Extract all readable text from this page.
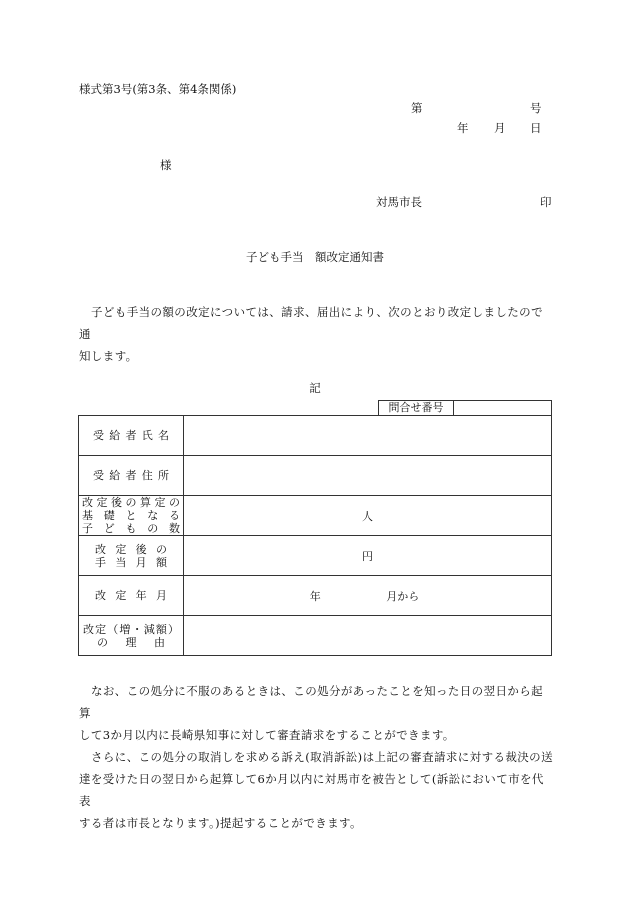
様式第3号(第3条、第4条関係)
第	号
年 月 日
様
対馬市長	印
子ども手当　額改定通知書
子ども手当の額の改定については、請求、届出により、次のとおり改定しましたので通
知します。
記
問合せ番号
受給者氏名	

受給者住所	

改定後の算定の
基礎となる
子どもの数	人

改定後の
手当月額	円

改定年月	年 月から

改定（増・減額）
の理由	

なお、この処分に不服のあるときは、この処分があったことを知った日の翌日から起算
して3か月以内に長崎県知事に対して審査請求をすることができます。
さらに、この処分の取消しを求める訴え(取消訴訟)は上記の審査請求に対する裁決の送
達を受けた日の翌日から起算して6か月以内に対馬市を被告として(訴訟において市を代表
する者は市長となります。)提起することができます。
